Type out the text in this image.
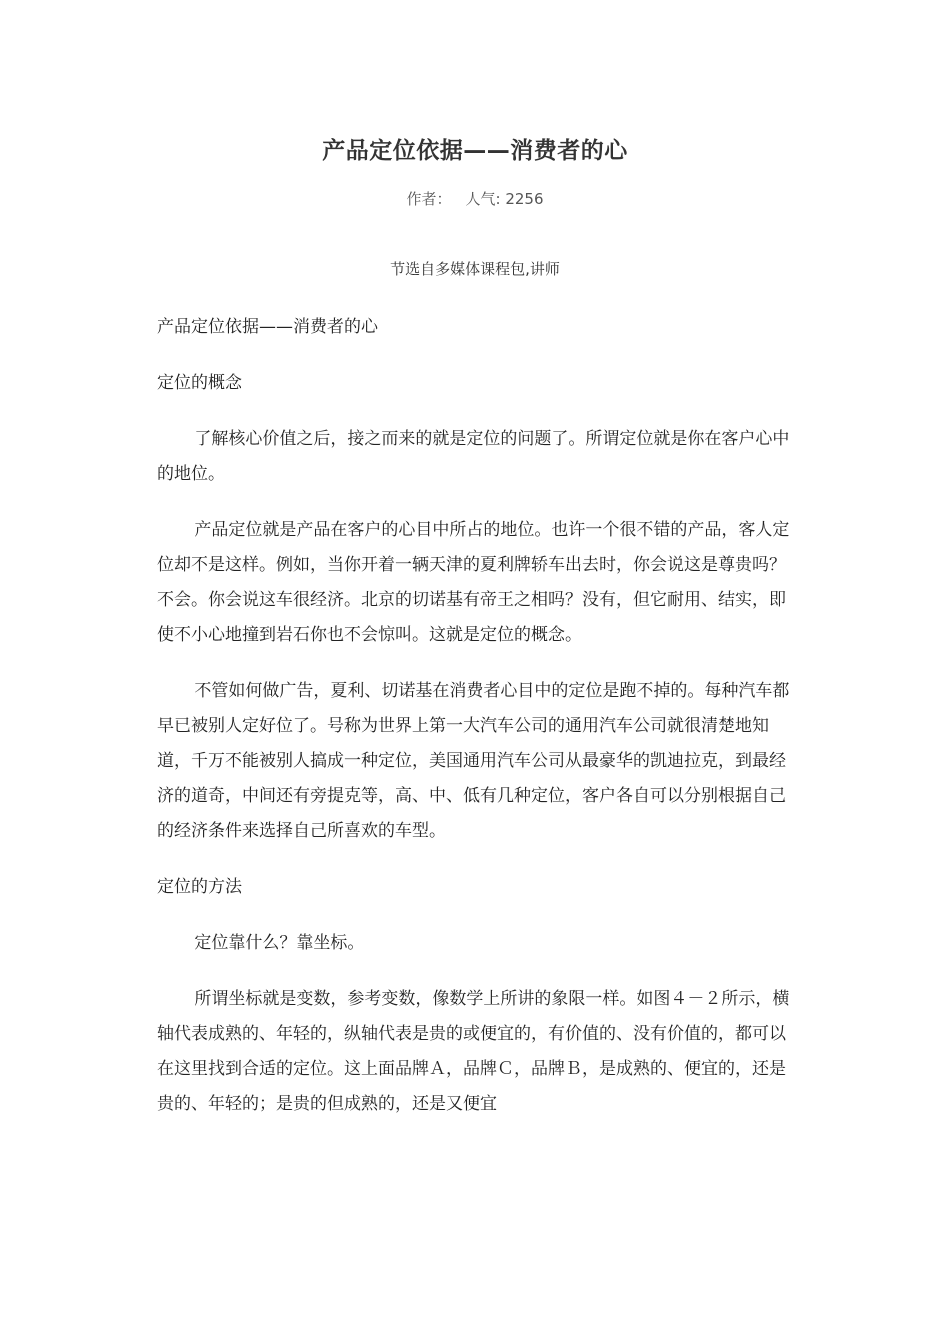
产品定位依据——消费者的心
作者： 人气: 2256
节选自多媒体课程包,讲师

产品定位依据——消费者的心

定位的概念

了解核心价值之后，接之而来的就是定位的问题了。所谓定位就是你在客户心中的地位。

产品定位就是产品在客户的心目中所占的地位。也许一个很不错的产品，客人定位却不是这样。例如，当你开着一辆天津的夏利牌轿车出去时，你会说这是尊贵吗？不会。你会说这车很经济。北京的切诺基有帝王之相吗？没有，但它耐用、结实，即使不小心地撞到岩石你也不会惊叫。这就是定位的概念。

不管如何做广告，夏利、切诺基在消费者心目中的定位是跑不掉的。每种汽车都早已被别人定好位了。号称为世界上第一大汽车公司的通用汽车公司就很清楚地知道，千万不能被别人搞成一种定位，美国通用汽车公司从最豪华的凯迪拉克，到最经济的道奇，中间还有旁提克等，高、中、低有几种定位，客户各自可以分别根据自己的经济条件来选择自己所喜欢的车型。

定位的方法

定位靠什么？靠坐标。

所谓坐标就是变数，参考变数，像数学上所讲的象限一样。如图４－２所示，横轴代表成熟的、年轻的，纵轴代表是贵的或便宜的，有价值的、没有价值的，都可以在这里找到合适的定位。这上面品牌Ａ，品牌Ｃ，品牌Ｂ，是成熟的、便宜的，还是贵的、年轻的；是贵的但成熟的，还是又便宜
